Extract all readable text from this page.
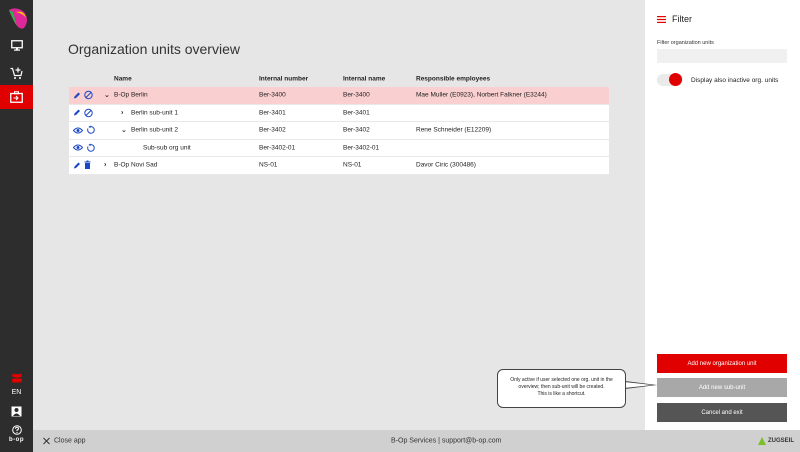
EN
b-op
Organization units overview
Name	Internal number	Internal name	Responsible employees
⌄ B-Op Berlin	Ber-3400	Ber-3400	Mae Muller (E0923), Norbert Falkner (E3244)
› Berlin sub-unit 1	Ber-3401	Ber-3401
⌄ Berlin sub-unit 2	Ber-3402	Ber-3402	Rene Schneider (E12209)
Sub-sub org unit	Ber-3402-01	Ber-3402-01
› B-Op Novi Sad	NS-01	NS-01	Davor Ciric (300486)
Filter
Filter organization units
Display also inactive org. units
Add new organization unit
Add new sub-unit
Cancel and exit
Only active if user selected one org. unit in the
overview; then sub-unit will be created.
This is like a shortcut.
Close app	B-Op Services | support@b-op.com	ZUGSEIL
